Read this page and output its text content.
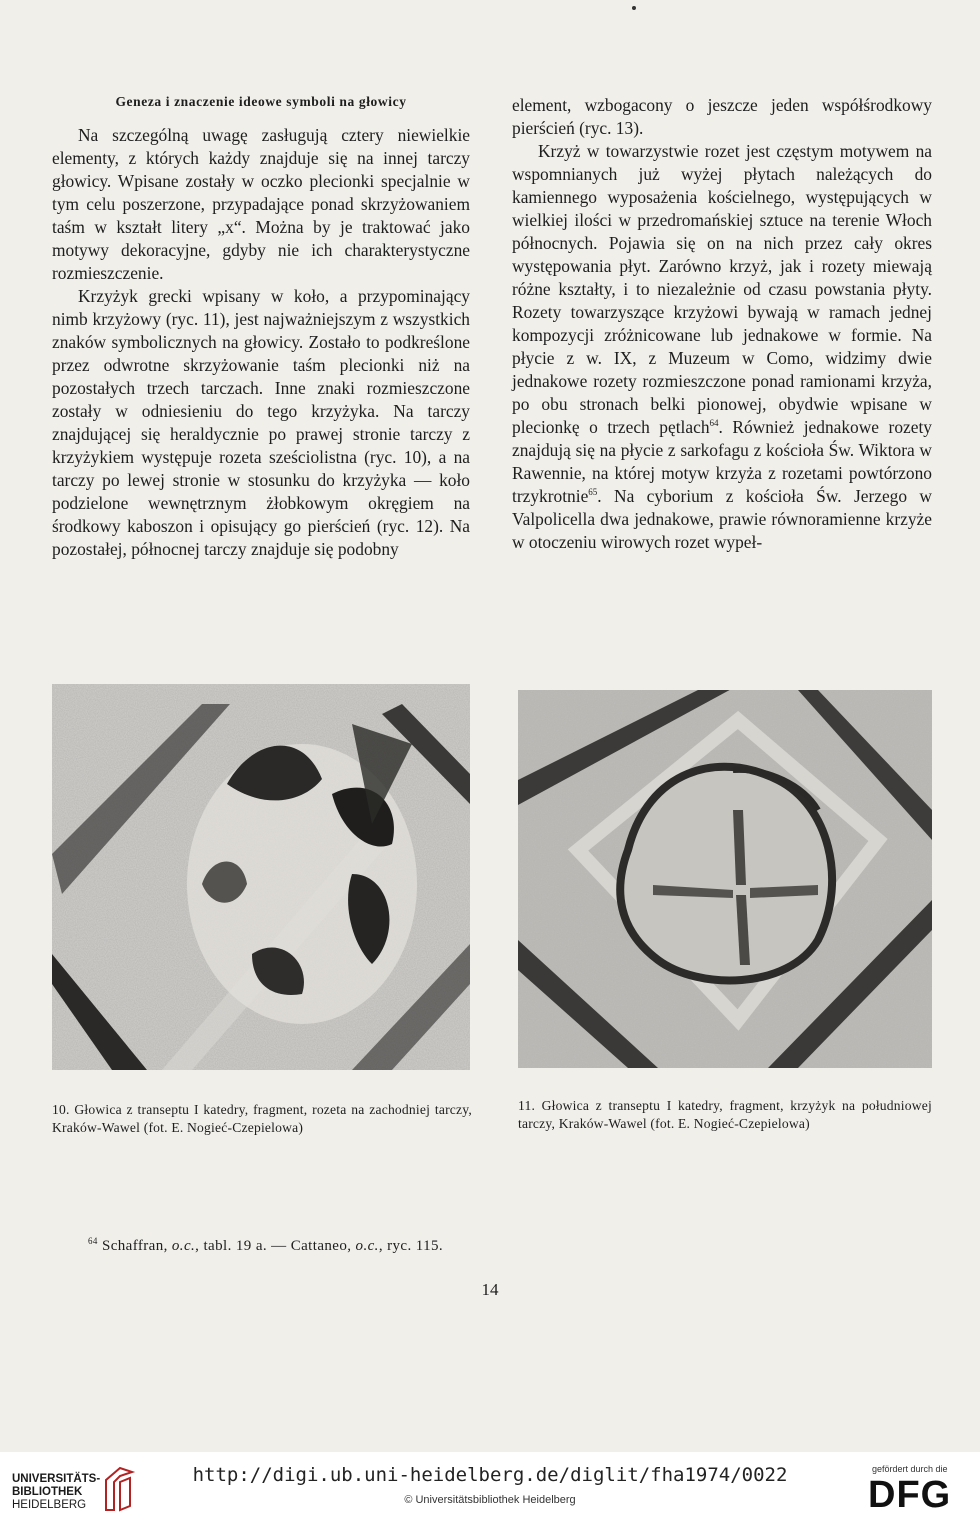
Geneza i znaczenie ideowe symboli na głowicy

Na szczególną uwagę zasługują cztery niewielkie elementy, z których każdy znajduje się na innej tarczy głowicy. Wpisane zostały w oczko plecionki specjalnie w tym celu poszerzone, przypadające ponad skrzyżowaniem taśm w kształt litery „x“. Można by je traktować jako motywy dekoracyjne, gdyby nie ich charakterystyczne rozmieszczenie.

Krzyżyk grecki wpisany w koło, a przypominający nimb krzyżowy (ryc. 11), jest najważniejszym z wszystkich znaków symbolicznych na głowicy. Zostało to podkreślone przez odwrotne skrzyżowanie taśm plecionki niż na pozostałych trzech tarczach. Inne znaki rozmieszczone zostały w odniesieniu do tego krzyżyka. Na tarczy znajdującej się heraldycznie po prawej stronie tarczy z krzyżykiem występuje rozeta sześciolistna (ryc. 10), a na tarczy po lewej stronie w stosunku do krzyżyka — koło podzielone wewnętrznym żłobkowym okręgiem na środkowy kaboszon i opisujący go pierścień (ryc. 12). Na pozostałej, północnej tarczy znajduje się podobny

element, wzbogacony o jeszcze jeden współśrodkowy pierścień (ryc. 13).

Krzyż w towarzystwie rozet jest częstym motywem na wspomnianych już wyżej płytach należących do kamiennego wyposażenia kościelnego, występujących w wielkiej ilości w przedromańskiej sztuce na terenie Włoch północnych. Pojawia się on na nich przez cały okres występowania płyt. Zarówno krzyż, jak i rozety miewają różne kształty, i to niezależnie od czasu powstania płyty. Rozety towarzyszące krzyżowi bywają w ramach jednej kompozycji zróżnicowane lub jednakowe w formie. Na płycie z w. IX, z Muzeum w Como, widzimy dwie jednakowe rozety rozmieszczone ponad ramionami krzyża, po obu stronach belki pionowej, obydwie wpisane w plecionkę o trzech pętlach$^{64}$. Również jednakowe rozety znajdują się na płycie z sarkofagu z kościoła Św. Wiktora w Rawennie, na której motyw krzyża z rozetami powtórzono trzykrotnie$^{65}$. Na cyborium z kościoła Św. Jerzego w Valpolicella dwa jednakowe, prawie równoramienne krzyże w otoczeniu wirowych rozet wypeł-

10. Głowica z transeptu I katedry, fragment, rozeta na zachodniej tarczy, Kraków-Wawel (fot. E. Nogieć-Czepielowa)
11. Głowica z transeptu I katedry, fragment, krzyżyk na południowej tarczy, Kraków-Wawel (fot. E. Nogieć-Czepielowa)
$^{64}$ Schaffran, o.c., tabl. 19 a. — Cattaneo, o.c., ryc. 115.
14
UNIVERSITÄTS-
BIBLIOTHEK
HEIDELBERG
http://digi.ub.uni-heidelberg.de/diglit/fha1974/0022
© Universitätsbibliothek Heidelberg
gefördert durch die
DFG
